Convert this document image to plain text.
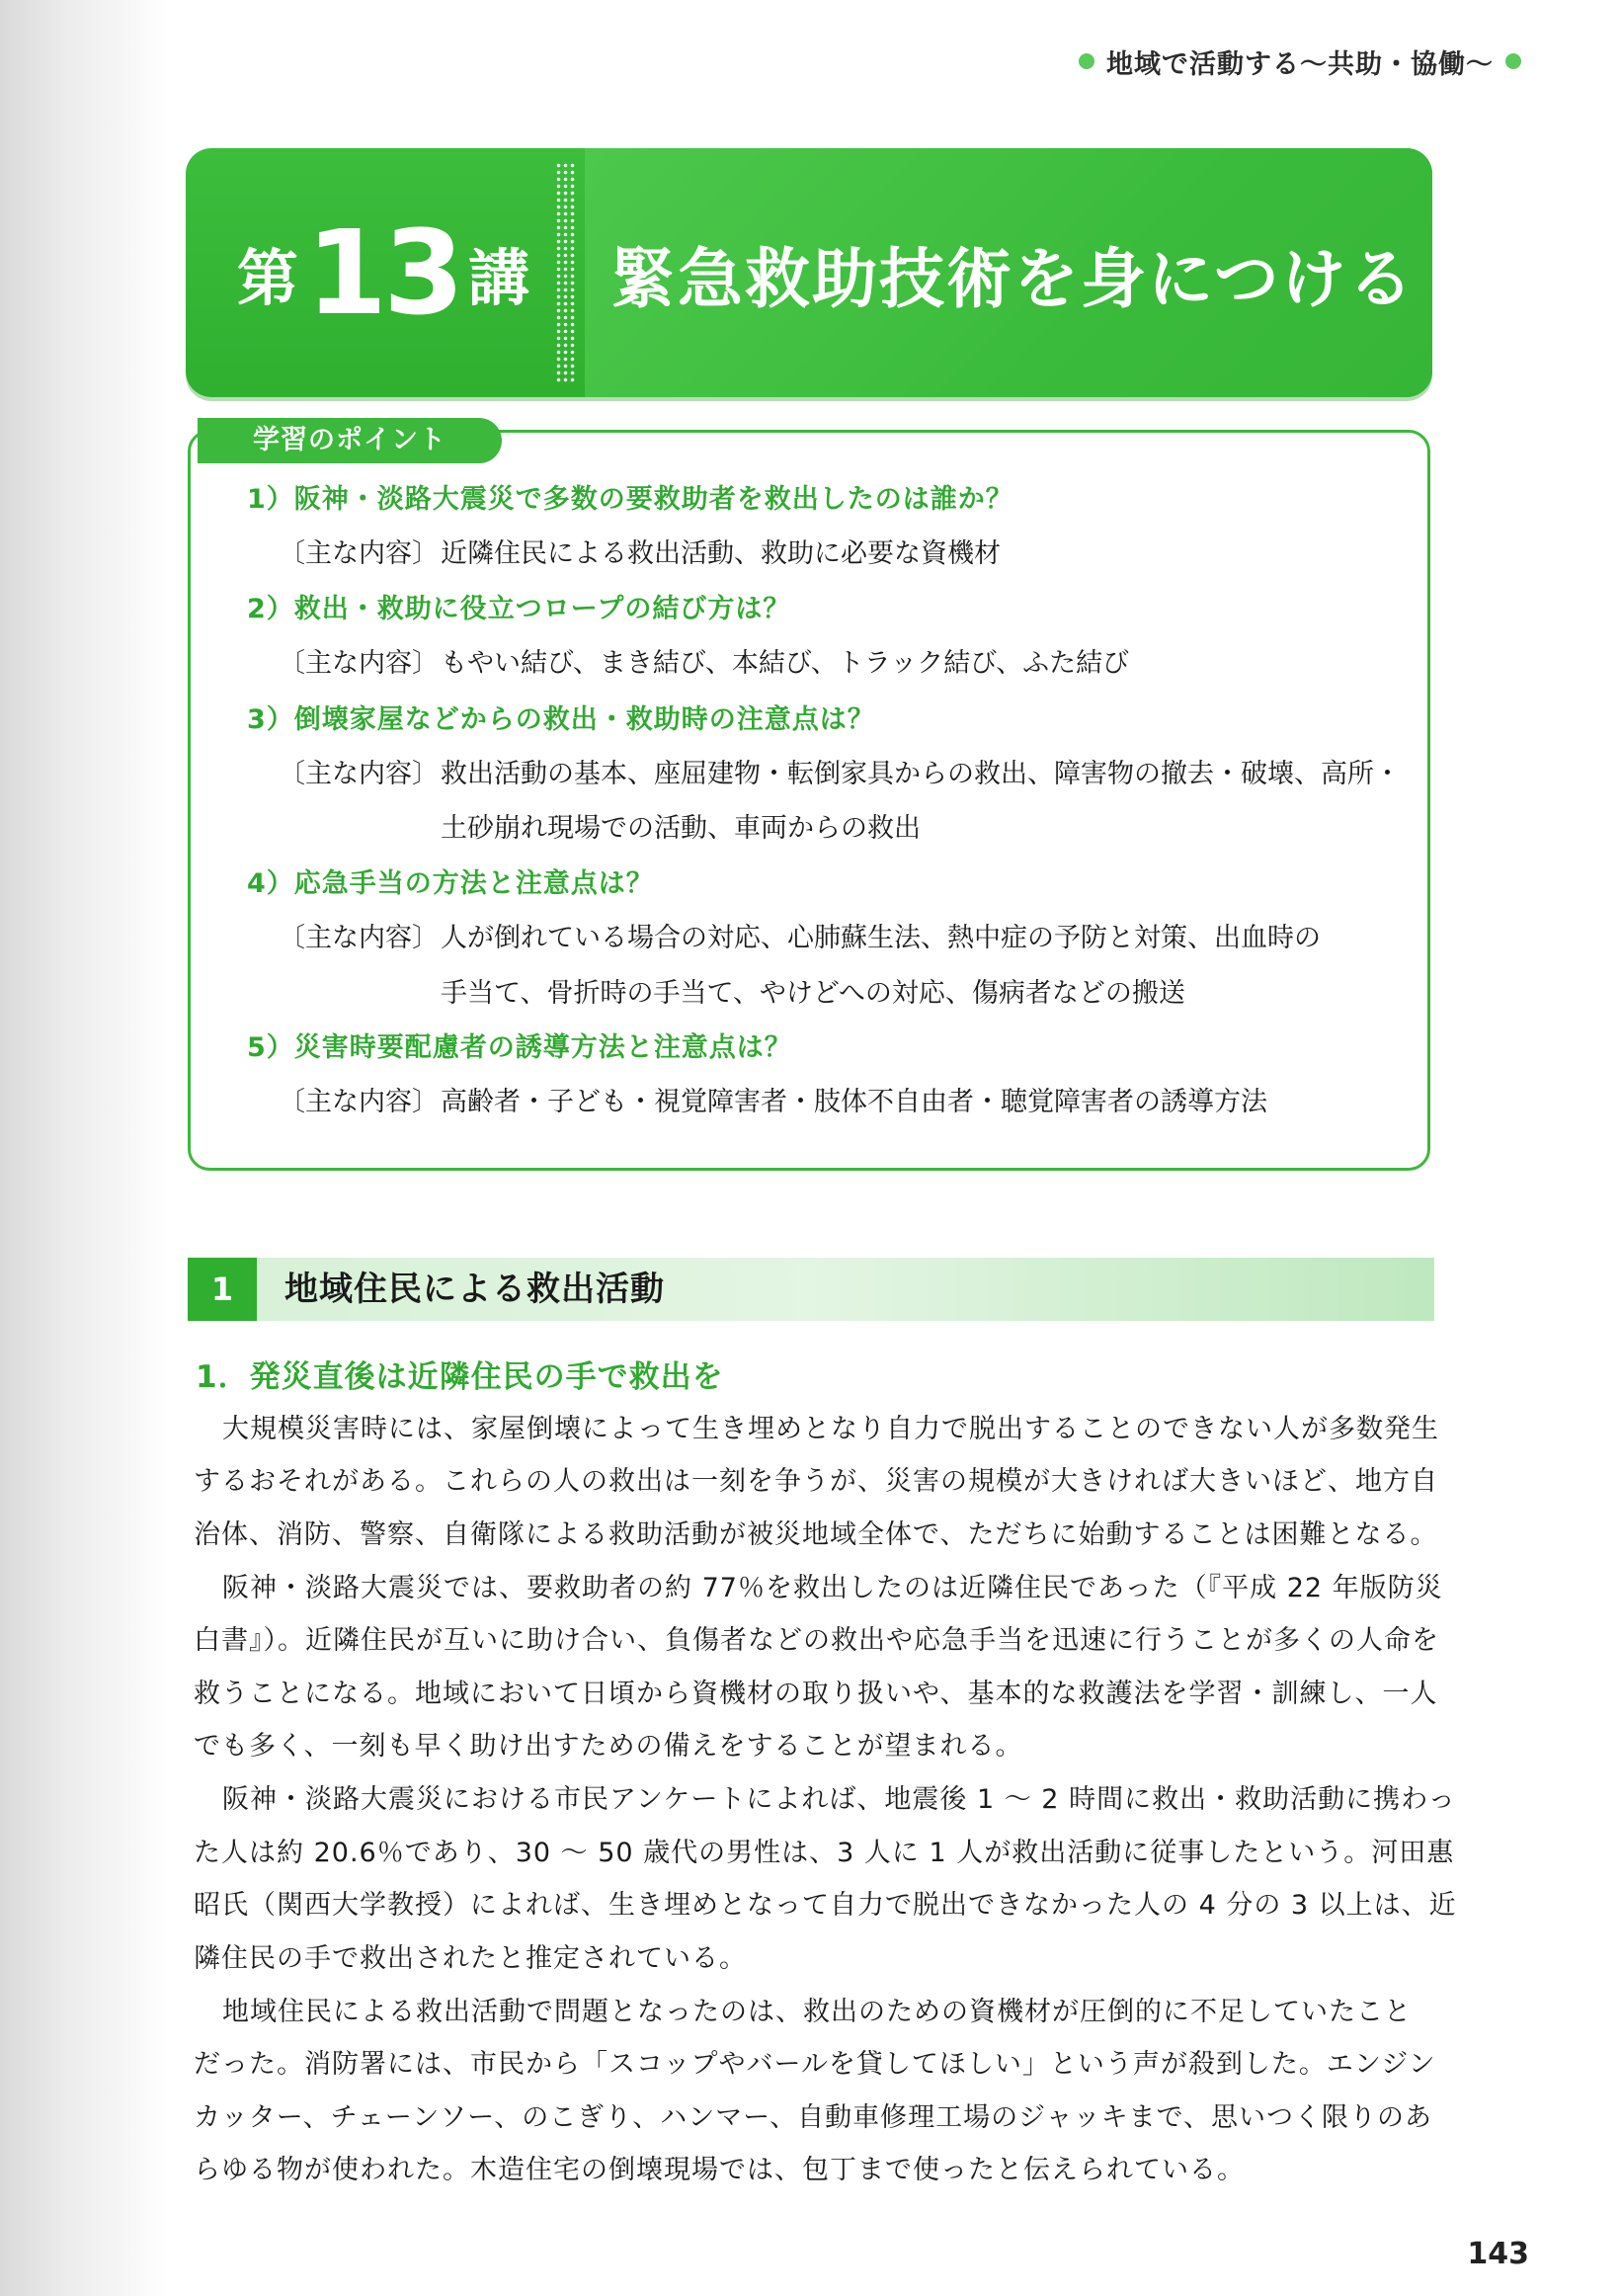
地域で活動する〜共助・協働〜
第 13 講 緊急救助技術を身につける
学習のポイント
1）阪神・淡路大震災で多数の要救助者を救出したのは誰か？
〔主な内容〕近隣住民による救出活動、救助に必要な資機材
2）救出・救助に役立つロープの結び方は？
〔主な内容〕もやい結び、まき結び、本結び、トラック結び、ふた結び
3）倒壊家屋などからの救出・救助時の注意点は？
〔主な内容〕救出活動の基本、座屈建物・転倒家具からの救出、障害物の撤去・破壊、高所・
土砂崩れ現場での活動、車両からの救出
4）応急手当の方法と注意点は？
〔主な内容〕人が倒れている場合の対応、心肺蘇生法、熱中症の予防と対策、出血時の
手当て、骨折時の手当て、やけどへの対応、傷病者などの搬送
5）災害時要配慮者の誘導方法と注意点は？
〔主な内容〕高齢者・子ども・視覚障害者・肢体不自由者・聴覚障害者の誘導方法
1	地域住民による救出活動
1．発災直後は近隣住民の手で救出を
大規模災害時には、家屋倒壊によって生き埋めとなり自力で脱出することのできない人が多数発生
するおそれがある。これらの人の救出は一刻を争うが、災害の規模が大きければ大きいほど、地方自
治体、消防、警察、自衛隊による救助活動が被災地域全体で、ただちに始動することは困難となる。
阪神・淡路大震災では、要救助者の約 77％を救出したのは近隣住民であった（『平成 22 年版防災
白書』）。近隣住民が互いに助け合い、負傷者などの救出や応急手当を迅速に行うことが多くの人命を
救うことになる。地域において日頃から資機材の取り扱いや、基本的な救護法を学習・訓練し、一人
でも多く、一刻も早く助け出すための備えをすることが望まれる。
阪神・淡路大震災における市民アンケートによれば、地震後 1 〜 2 時間に救出・救助活動に携わっ
た人は約 20.6％であり、30 〜 50 歳代の男性は、3 人に 1 人が救出活動に従事したという。河田惠
昭氏（関西大学教授）によれば、生き埋めとなって自力で脱出できなかった人の 4 分の 3 以上は、近
隣住民の手で救出されたと推定されている。
地域住民による救出活動で問題となったのは、救出のための資機材が圧倒的に不足していたこと
だった。消防署には、市民から「スコップやバールを貸してほしい」という声が殺到した。エンジン
カッター、チェーンソー、のこぎり、ハンマー、自動車修理工場のジャッキまで、思いつく限りのあ
らゆる物が使われた。木造住宅の倒壊現場では、包丁まで使ったと伝えられている。
143
